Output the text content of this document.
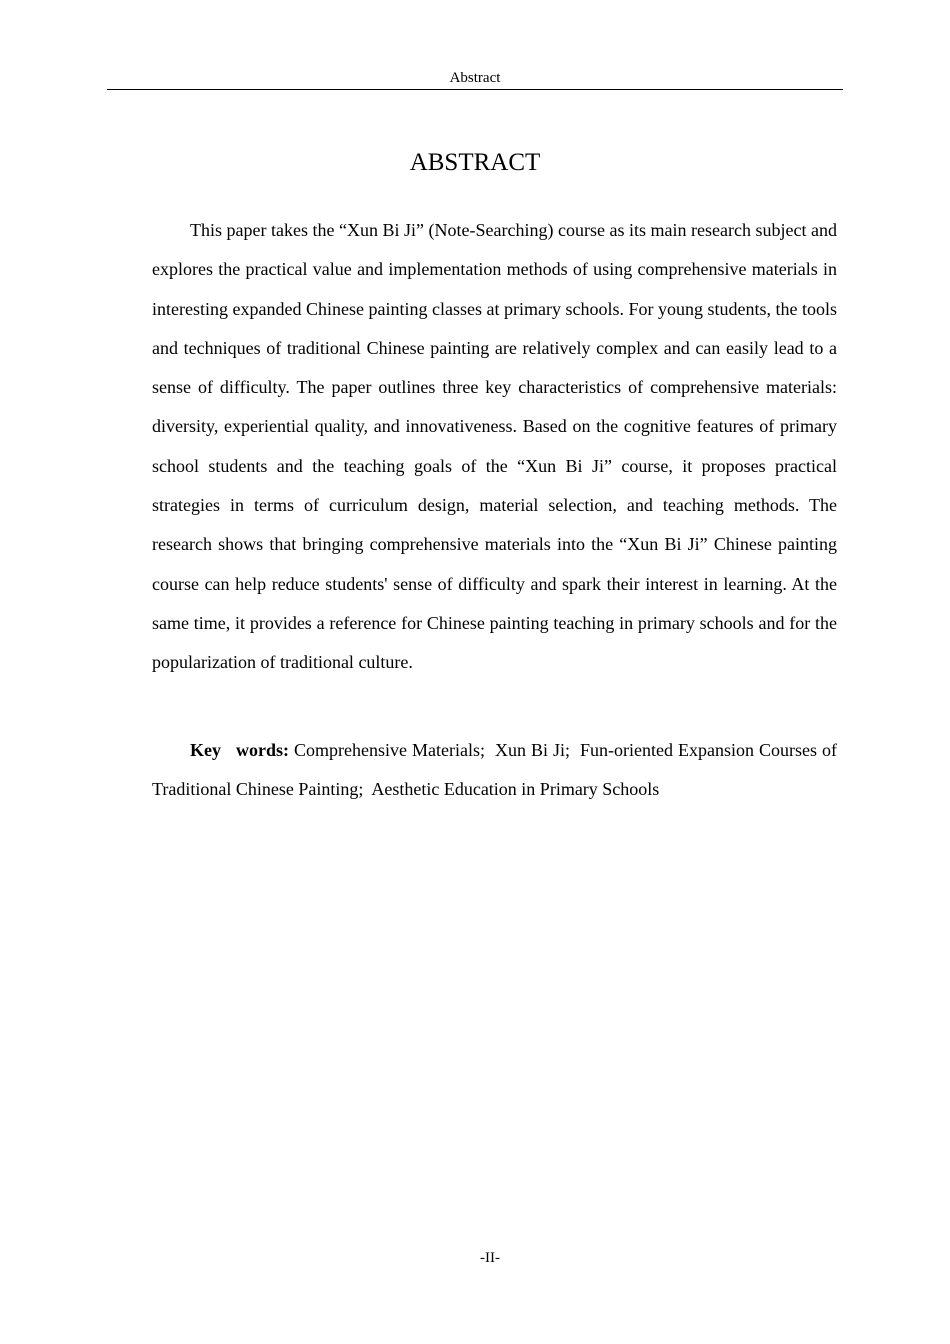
Abstract
ABSTRACT

This paper takes the “Xun Bi Ji” (Note-Searching) course as its main research subject and explores the practical value and implementation methods of using comprehensive materials in interesting expanded Chinese painting classes at primary schools. For young students, the tools and techniques of traditional Chinese painting are relatively complex and can easily lead to a sense of difficulty. The paper outlines three key characteristics of comprehensive materials: diversity, experiential quality, and innovativeness. Based on the cognitive features of primary school students and the teaching goals of the “Xun Bi Ji” course, it proposes practical strategies in terms of curriculum design, material selection, and teaching methods. The research shows that bringing comprehensive materials into the “Xun Bi Ji” Chinese painting course can help reduce students' sense of difficulty and spark their interest in learning. At the same time, it provides a reference for Chinese painting teaching in primary schools and for the popularization of traditional culture.

Key words: Comprehensive Materials; Xun Bi Ji; Fun-oriented Expansion Courses of Traditional Chinese Painting; Aesthetic Education in Primary Schools

-II-
